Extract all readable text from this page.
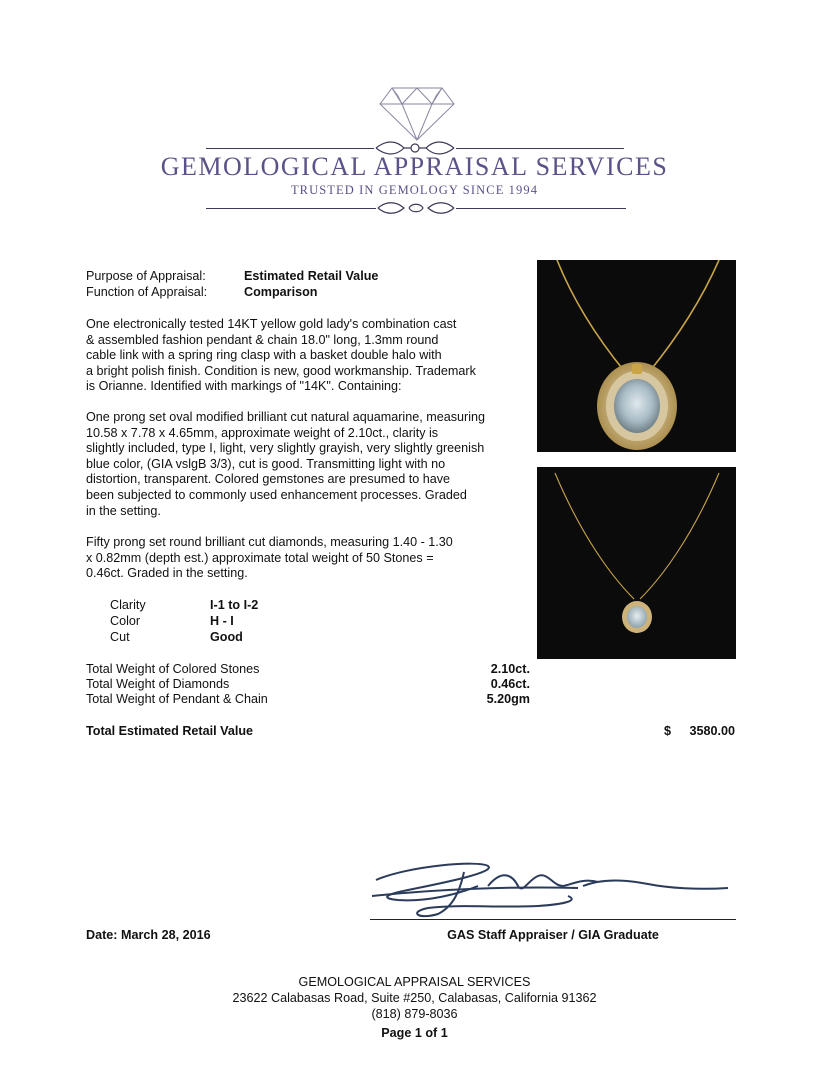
GEMOLOGICAL APPRAISAL SERVICES
TRUSTED IN GEMOLOGY SINCE 1994
Purpose of Appraisal:	Estimated Retail Value
Function of Appraisal:	Comparison

One electronically tested 14KT yellow gold lady's combination cast

& assembled fashion pendant & chain 18.0" long, 1.3mm round

cable link with a spring ring clasp with a basket double halo with

a bright polish finish. Condition is new, good workmanship. Trademark

is Orianne. Identified with markings of "14K". Containing:

One prong set oval modified brilliant cut natural aquamarine, measuring

10.58 x 7.78 x 4.65mm, approximate weight of 2.10ct., clarity is

slightly included, type I, light, very slightly grayish, very slightly greenish

blue color, (GIA vslgB 3/3), cut is good. Transmitting light with no

distortion, transparent. Colored gemstones are presumed to have

been subjected to commonly used enhancement processes. Graded

in the setting.

Fifty prong set round brilliant cut diamonds, measuring 1.40 - 1.30

x 0.82mm (depth est.) approximate total weight of 50 Stones =

0.46ct. Graded in the setting.

Clarity	I-1 to I-2
Color	H - I
Cut	Good
Total Weight of Colored Stones	2.10ct.
Total Weight of Diamonds	0.46ct.
Total Weight of Pendant & Chain	5.20gm
Total Estimated Retail Value	$	3580.00
Date: March 28, 2016	GAS Staff Appraiser / GIA Graduate
GEMOLOGICAL APPRAISAL SERVICES
23622 Calabasas Road, Suite #250, Calabasas, California 91362
(818) 879-8036
Page 1 of 1
